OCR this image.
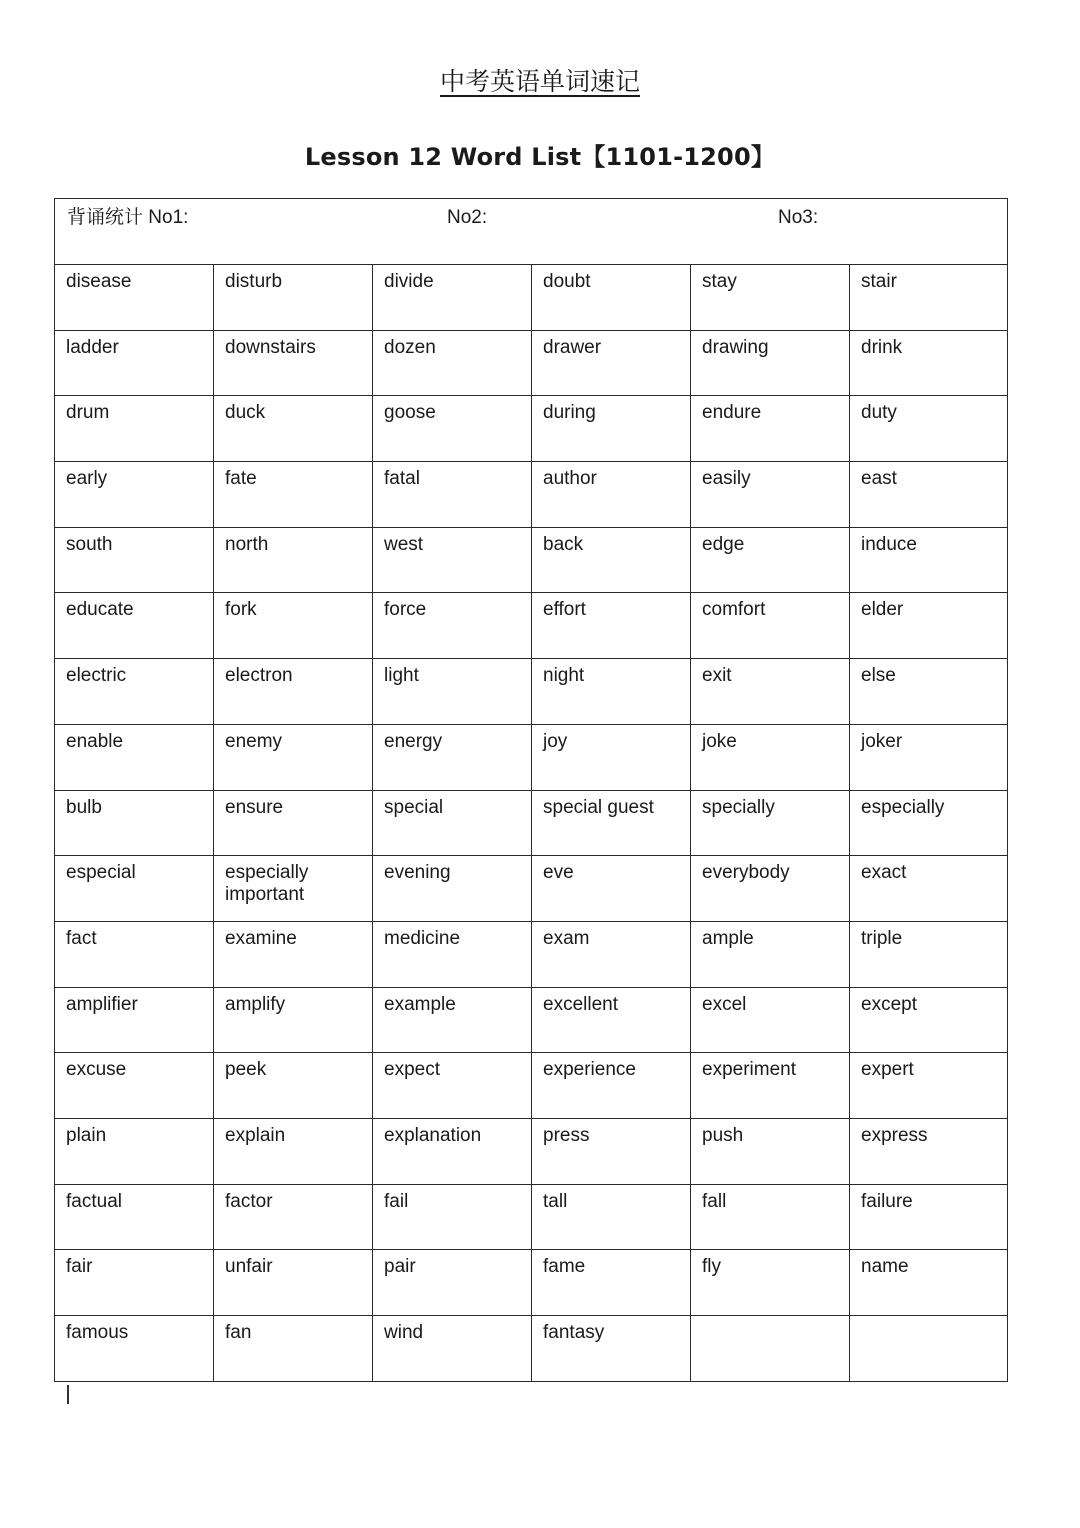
中考英语单词速记
Lesson 12 Word List【1101-1200】
背诵统计 No1: No2: No3:					

disease	disturb	divide	doubt	stay	stair
ladder	downstairs	dozen	drawer	drawing	drink
drum	duck	goose	during	endure	duty
early	fate	fatal	author	easily	east
south	north	west	back	edge	induce
educate	fork	force	effort	comfort	elder
electric	electron	light	night	exit	else
enable	enemy	energy	joy	joke	joker
bulb	ensure	special	special guest	specially	especially
especial	especially important	evening	eve	everybody	exact
fact	examine	medicine	exam	ample	triple
amplifier	amplify	example	excellent	excel	except
excuse	peek	expect	experience	experiment	expert
plain	explain	explanation	press	push	express
factual	factor	fail	tall	fall	failure
fair	unfair	pair	fame	fly	name
famous	fan	wind	fantasy		
